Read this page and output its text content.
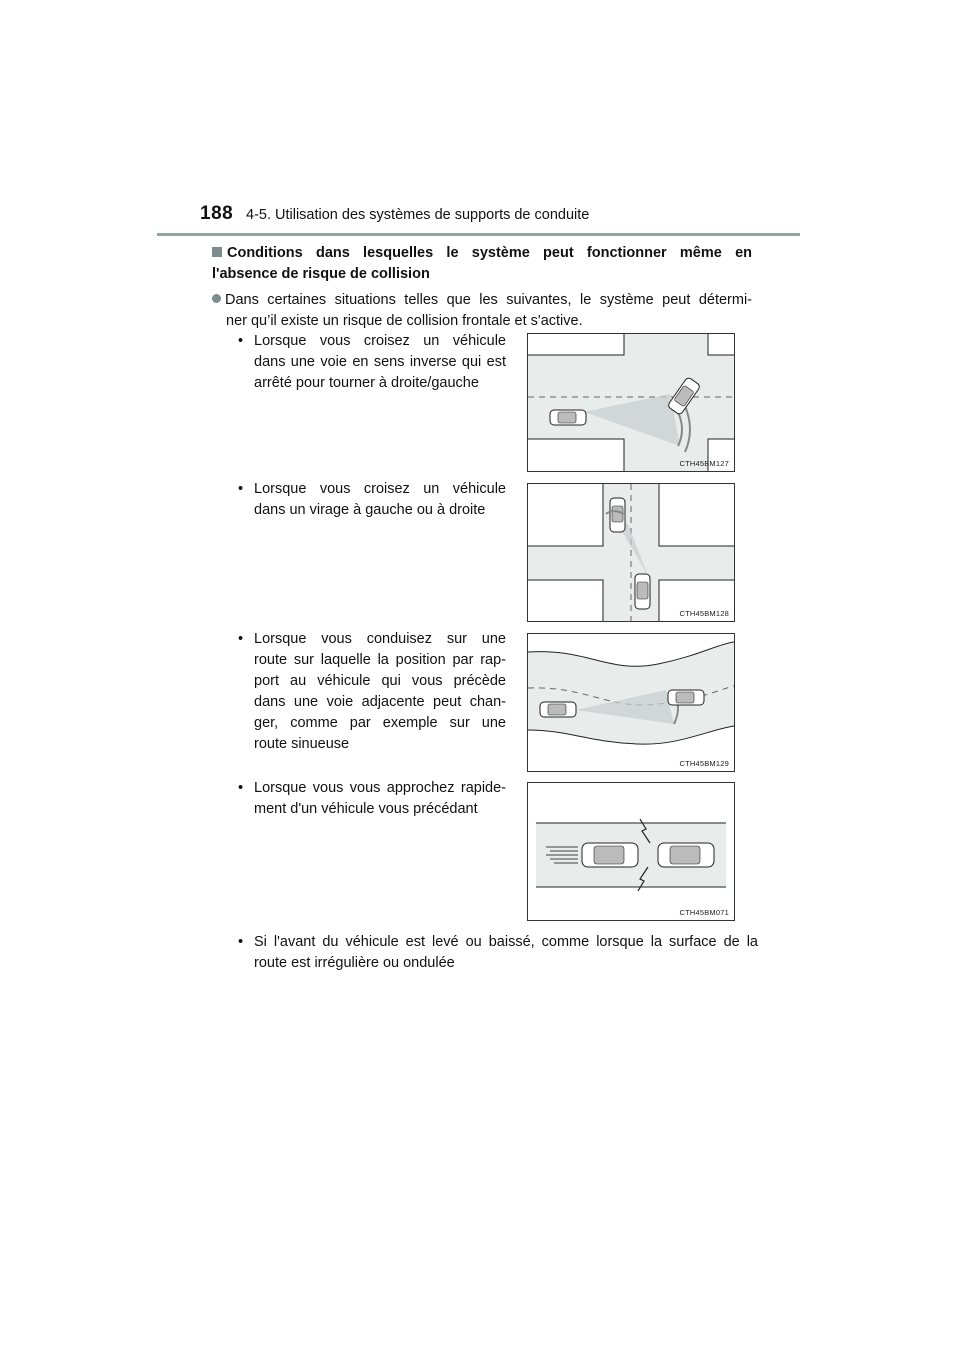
188 4-5. Utilisation des systèmes de supports de conduite
Conditions dans lesquelles le système peut fonctionner même en
l'absence de risque de collision
Dans certaines situations telles que les suivantes, le système peut détermi-
ner qu’il existe un risque de collision frontale et s'active.
• Lorsque vous croisez un véhicule
dans une voie en sens inverse qui est
arrêté pour tourner à droite/gauche
CTH45BM127
• Lorsque vous croisez un véhicule
dans un virage à gauche ou à droite
CTH45BM128
• Lorsque vous conduisez sur une
route sur laquelle la position par rap-
port au véhicule qui vous précède
dans une voie adjacente peut chan-
ger, comme par exemple sur une
route sinueuse
CTH45BM129
• Lorsque vous vous approchez rapide-
ment d'un véhicule vous précédant
CTH45BM071
• Si l'avant du véhicule est levé ou baissé, comme lorsque la surface de la
route est irrégulière ou ondulée
